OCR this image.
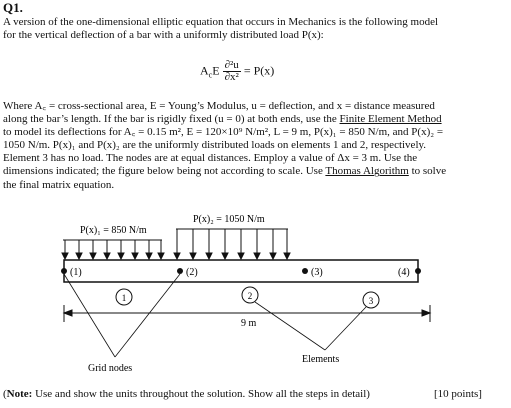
Q1.
A version of the one-dimensional elliptic equation that occurs in Mechanics is the following model
for the vertical deflection of a bar with a uniformly distributed load P(x):
$A_cE \frac{\text{∂²u}}{\text{∂x²}} = P(x)$
Where A꜀ = cross-sectional area, E = Young’s Modulus, u = deflection, and x = distance measured
along the bar’s length. If the bar is rigidly fixed (u = 0) at both ends, use the Finite Element Method
to model its deflections for A꜀ = 0.15 m², E = 120×10⁹ N/m², L = 9 m, P(x)₁ = 850 N/m, and P(x)₂ =
1050 N/m. P(x)₁ and P(x)₂ are the uniformly distributed loads on elements 1 and 2, respectively.
Element 3 has no load. The nodes are at equal distances. Employ a value of Δx = 3 m. Use the
dimensions indicated; the figure below being not according to scale. Use Thomas Algorithm to solve
the final matrix equation.
P(x)₁ = 850 N/m
P(x)₂ = 1050 N/m
(1)	(2)	(3)	(4)
1	2	3
9 m
Grid nodes
Elements
(Note: Use and show the units throughout the solution. Show all the steps in detail)	[10 points]
